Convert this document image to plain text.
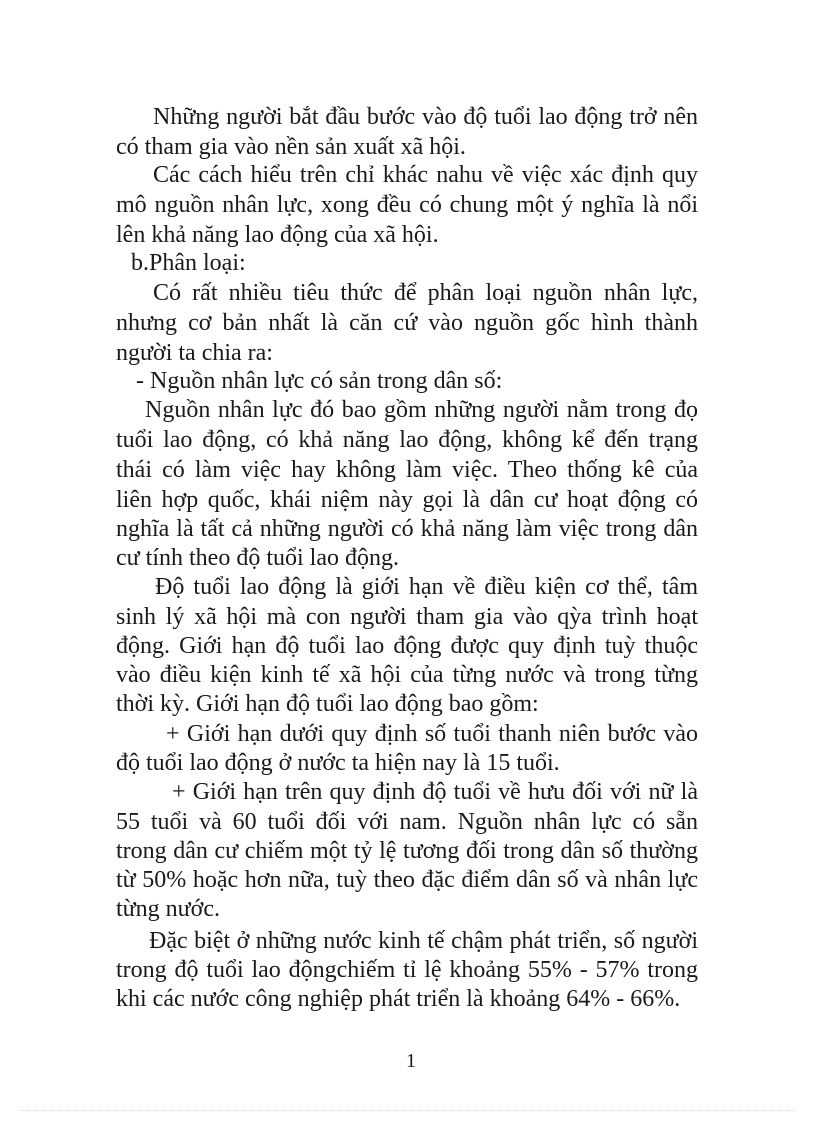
Những người bắt đầu bước vào độ tuổi lao động trở nên
có tham gia vào nền sản xuất xã hội.
Các cách hiểu trên chỉ khác nahu về việc xác định quy
mô nguồn nhân lực, xong đều có chung một ý nghĩa là nổi
lên khả năng lao động của xã hội.
b.Phân loại:
Có rất nhiều tiêu thức để phân loại nguồn nhân lực,
nhưng cơ bản nhất là căn cứ vào nguồn gốc hình thành
người ta chia ra:
- Nguồn nhân lực có sản trong dân số:
Nguồn nhân lực đó bao gồm những người nằm trong đọ
tuổi lao động, có khả năng lao động, không kể đến trạng
thái có làm việc hay không làm việc. Theo thống kê của
liên hợp quốc, khái niệm này gọi là dân cư hoạt động có
nghĩa là tất cả những người có khả năng làm việc trong dân
cư tính theo độ tuổi lao động.
Độ tuổi lao động là giới hạn về điều kiện cơ thể, tâm
sinh lý xã hội mà con người tham gia vào qỳa trình hoạt
động. Giới hạn độ tuổi lao động được quy định tuỳ thuộc
vào điều kiện kinh tế xã hội của từng nước và trong từng
thời kỳ. Giới hạn độ tuổi lao động bao gồm:
+ Giới hạn dưới quy định số tuổi thanh niên bước vào
độ tuổi lao động ở nước ta hiện nay là 15 tuổi.
+ Giới hạn trên quy định độ tuổi về hưu đối với nữ là
55 tuổi và 60 tuổi đối với nam. Nguồn nhân lực có sẵn
trong dân cư chiếm một tỷ lệ tương đối trong dân số thường
từ 50% hoặc hơn nữa, tuỳ theo đặc điểm dân số và nhân lực
từng nước.
Đặc biệt ở những nước kinh tế chậm phát triển, số người
trong độ tuổi lao độngchiếm tỉ lệ khoảng 55% - 57% trong
khi các nước công nghiệp phát triển là khoảng 64% - 66%.
1
